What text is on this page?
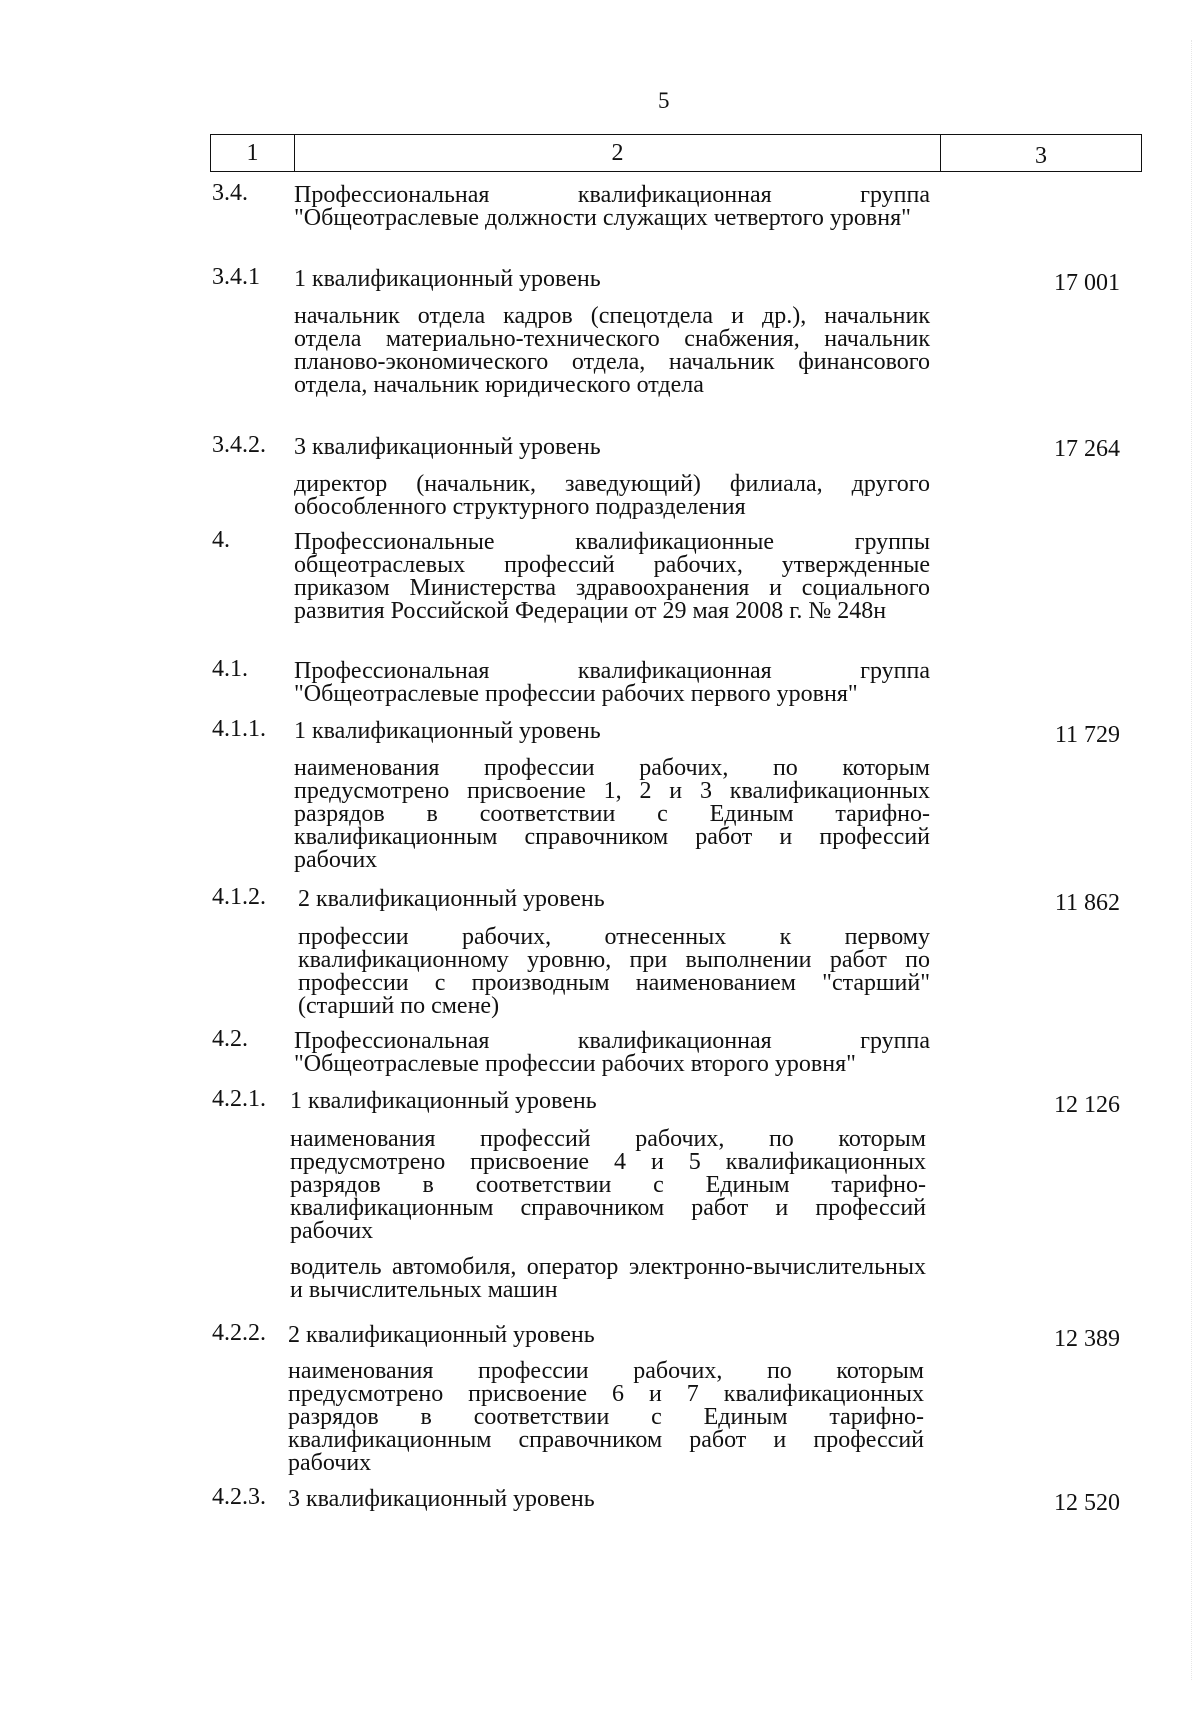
5
1	2	3
3.4. Профессиональная квалификационная группа "Общеотраслевые должности служащих четвертого уровня"
3.4.1 1 квалификационный уровень	17 001
начальник отдела кадров (спецотдела и др.), начальник отдела материально-технического снабжения, начальник планово-экономического отдела, начальник финансового отдела, начальник юридического отдела
3.4.2. 3 квалификационный уровень	17 264
директор (начальник, заведующий) филиала, другого обособленного структурного подразделения
4.	Профессиональные квалификационные группы общеотраслевых профессий рабочих, утвержденные приказом Министерства здравоохранения и социального развития Российской Федерации от 29 мая 2008 г. № 248н
4.1. Профессиональная квалификационная группа "Общеотраслевые профессии рабочих первого уровня"
4.1.1. 1 квалификационный уровень	11 729
наименования профессии рабочих, по которым предусмотрено присвоение 1, 2 и 3 квалификационных разрядов в соответствии с Единым тарифно-квалификационным справочником работ и профессий рабочих
4.1.2. 2 квалификационный уровень	11 862
профессии рабочих, отнесенных к первому квалификационному уровню, при выполнении работ по профессии с производным наименованием "старший" (старший по смене)
4.2. Профессиональная квалификационная группа "Общеотраслевые профессии рабочих второго уровня"
4.2.1. 1 квалификационный уровень	12 126
наименования профессий рабочих, по которым предусмотрено присвоение 4 и 5 квалификационных разрядов в соответствии с Единым тарифно-квалификационным справочником работ и профессий рабочих
водитель автомобиля, оператор электронно-вычислительных и вычислительных машин
4.2.2. 2 квалификационный уровень	12 389
наименования профессии рабочих, по которым предусмотрено присвоение 6 и 7 квалификационных разрядов в соответствии с Единым тарифно-квалификационным справочником работ и профессий рабочих
4.2.3. 3 квалификационный уровень	12 520
